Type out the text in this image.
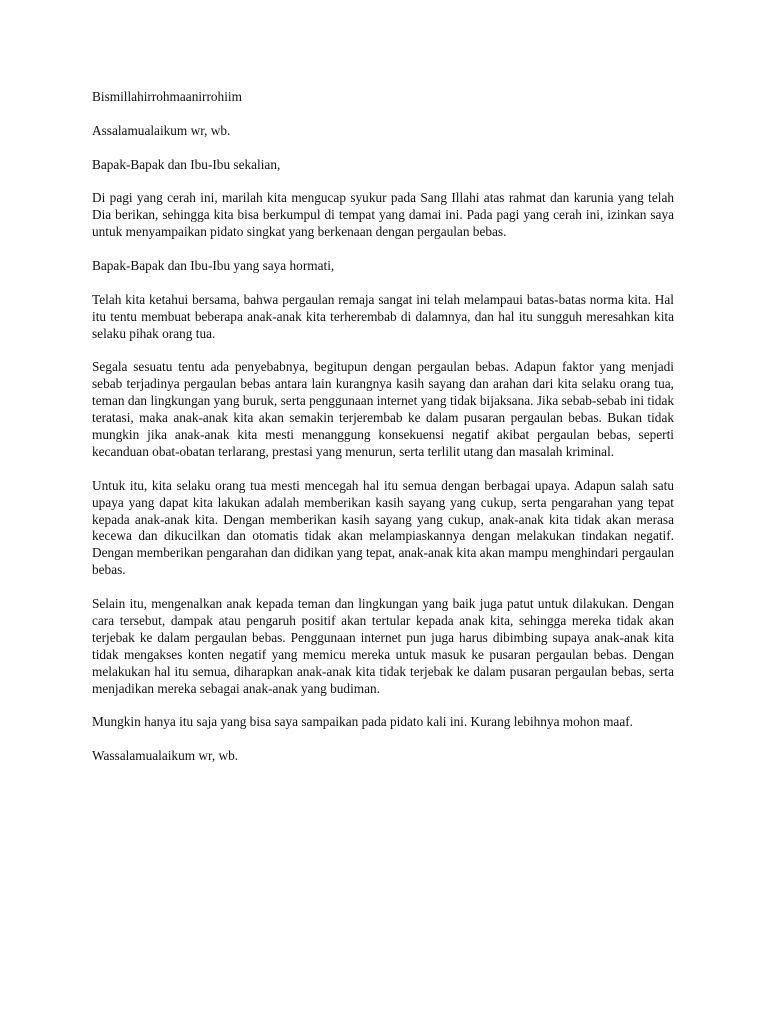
Bismillahirrohmaanirrohiim

Assalamualaikum wr, wb.

Bapak-Bapak dan Ibu-Ibu sekalian,

Di pagi yang cerah ini, marilah kita mengucap syukur pada Sang Illahi atas rahmat dan karunia yang telah Dia berikan, sehingga kita bisa berkumpul di tempat yang damai ini. Pada pagi yang cerah ini, izinkan saya untuk menyampaikan pidato singkat yang berkenaan dengan pergaulan bebas.

Bapak-Bapak dan Ibu-Ibu yang saya hormati,

Telah kita ketahui bersama, bahwa pergaulan remaja sangat ini telah melampaui batas-batas norma kita. Hal itu tentu membuat beberapa anak-anak kita terherembab di dalamnya, dan hal itu sungguh meresahkan kita selaku pihak orang tua.

Segala sesuatu tentu ada penyebabnya, begitupun dengan pergaulan bebas. Adapun faktor yang menjadi sebab terjadinya pergaulan bebas antara lain kurangnya kasih sayang dan arahan dari kita selaku orang tua, teman dan lingkungan yang buruk, serta penggunaan internet yang tidak bijaksana. Jika sebab-sebab ini tidak teratasi, maka anak-anak kita akan semakin terjerembab ke dalam pusaran pergaulan bebas. Bukan tidak mungkin jika anak-anak kita mesti menanggung konsekuensi negatif akibat pergaulan bebas, seperti kecanduan obat-obatan terlarang, prestasi yang menurun, serta terlilit utang dan masalah kriminal.

Untuk itu, kita selaku orang tua mesti mencegah hal itu semua dengan berbagai upaya. Adapun salah satu upaya yang dapat kita lakukan adalah memberikan kasih sayang yang cukup, serta pengarahan yang tepat kepada anak-anak kita. Dengan memberikan kasih sayang yang cukup, anak-anak kita tidak akan merasa kecewa dan dikucilkan dan otomatis tidak akan melampiaskannya dengan melakukan tindakan negatif. Dengan memberikan pengarahan dan didikan yang tepat, anak-anak kita akan mampu menghindari pergaulan bebas.

Selain itu, mengenalkan anak kepada teman dan lingkungan yang baik juga patut untuk dilakukan. Dengan cara tersebut, dampak atau pengaruh positif akan tertular kepada anak kita, sehingga mereka tidak akan terjebak ke dalam pergaulan bebas. Penggunaan internet pun juga harus dibimbing supaya anak-anak kita tidak mengakses konten negatif yang memicu mereka untuk masuk ke pusaran pergaulan bebas. Dengan melakukan hal itu semua, diharapkan anak-anak kita tidak terjebak ke dalam pusaran pergaulan bebas, serta menjadikan mereka sebagai anak-anak yang budiman.

Mungkin hanya itu saja yang bisa saya sampaikan pada pidato kali ini. Kurang lebihnya mohon maaf.

Wassalamualaikum wr, wb.
